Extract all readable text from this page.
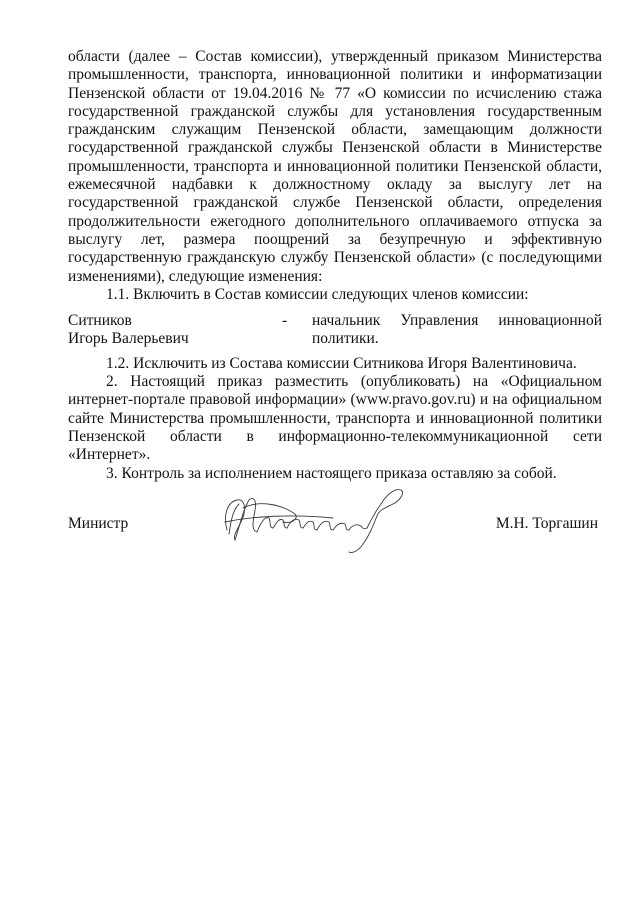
области (далее – Состав комиссии), утвержденный приказом Министерства промышленности, транспорта, инновационной политики и информатизации Пензенской области от 19.04.2016 № 77 «О комиссии по исчислению стажа государственной гражданской службы для установления государственным гражданским служащим Пензенской области, замещающим должности государственной гражданской службы Пензенской области в Министерстве промышленности, транспорта и инновационной политики Пензенской области, ежемесячной надбавки к должностному окладу за выслугу лет на государственной гражданской службе Пензенской области, определения продолжительности ежегодного дополнительного оплачиваемого отпуска за выслугу лет, размера поощрений за безупречную и эффективную государственную гражданскую службу Пензенской области» (с последующими изменениями), следующие изменения:

1.1. Включить в Состав комиссии следующих членов комиссии:

Ситников
Игорь Валерьевич
-	начальник Управления инновационной политики.

1.2. Исключить из Состава комиссии Ситникова Игоря Валентиновича.

2. Настоящий приказ разместить (опубликовать) на «Официальном интернет-портале правовой информации» (www.pravo.gov.ru) и на официальном сайте Министерства промышленности, транспорта и инновационной политики Пензенской области в информационно-телекоммуникационной сети «Интернет».

3. Контроль за исполнением настоящего приказа оставляю за собой.

Министр	М.Н. Торгашин
